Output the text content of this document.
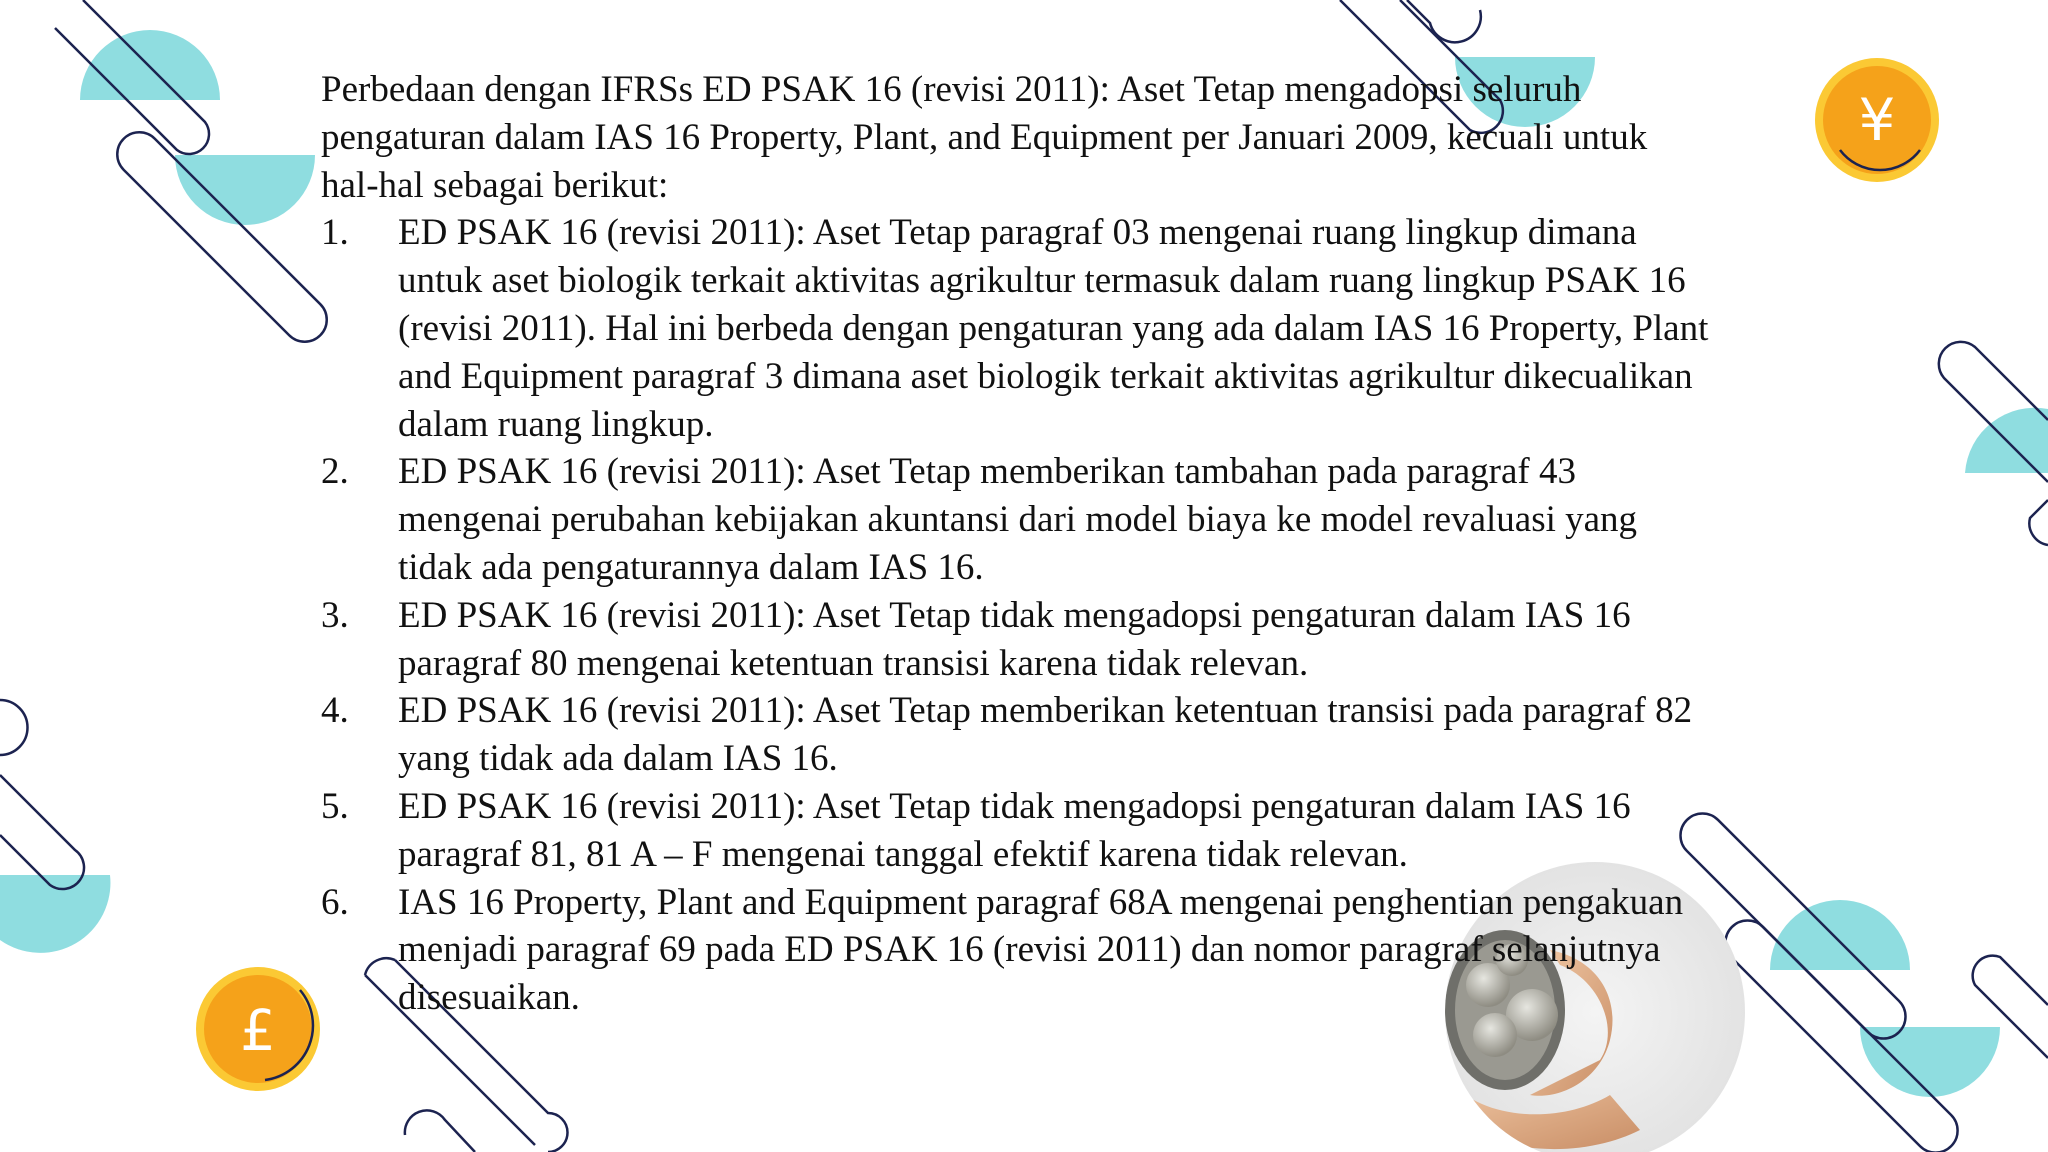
¥
£

Perbedaan dengan IFRSs ED PSAK 16 (revisi 2011): Aset Tetap mengadopsi seluruh pengaturan dalam IAS 16 Property, Plant, and Equipment per Januari 2009, kecuali untuk hal-hal sebagai berikut:

1. ED PSAK 16 (revisi 2011): Aset Tetap paragraf 03 mengenai ruang lingkup dimana untuk aset biologik terkait aktivitas agrikultur termasuk dalam ruang lingkup PSAK 16 (revisi 2011). Hal ini berbeda dengan pengaturan yang ada dalam IAS 16 Property, Plant and Equipment paragraf 3 dimana aset biologik terkait aktivitas agrikultur dikecualikan dalam ruang lingkup.
2. ED PSAK 16 (revisi 2011): Aset Tetap memberikan tambahan pada paragraf 43 mengenai perubahan kebijakan akuntansi dari model biaya ke model revaluasi yang tidak ada pengaturannya dalam IAS 16.
3. ED PSAK 16 (revisi 2011): Aset Tetap tidak mengadopsi pengaturan dalam IAS 16 paragraf 80 mengenai ketentuan transisi karena tidak relevan.
4. ED PSAK 16 (revisi 2011): Aset Tetap memberikan ketentuan transisi pada paragraf 82 yang tidak ada dalam IAS 16.
5. ED PSAK 16 (revisi 2011): Aset Tetap tidak mengadopsi pengaturan dalam IAS 16 paragraf 81, 81 A – F mengenai tanggal efektif karena tidak relevan.
6. IAS 16 Property, Plant and Equipment paragraf 68A mengenai penghentian pengakuan menjadi paragraf 69 pada ED PSAK 16 (revisi 2011) dan nomor paragraf selanjutnya disesuaikan.
